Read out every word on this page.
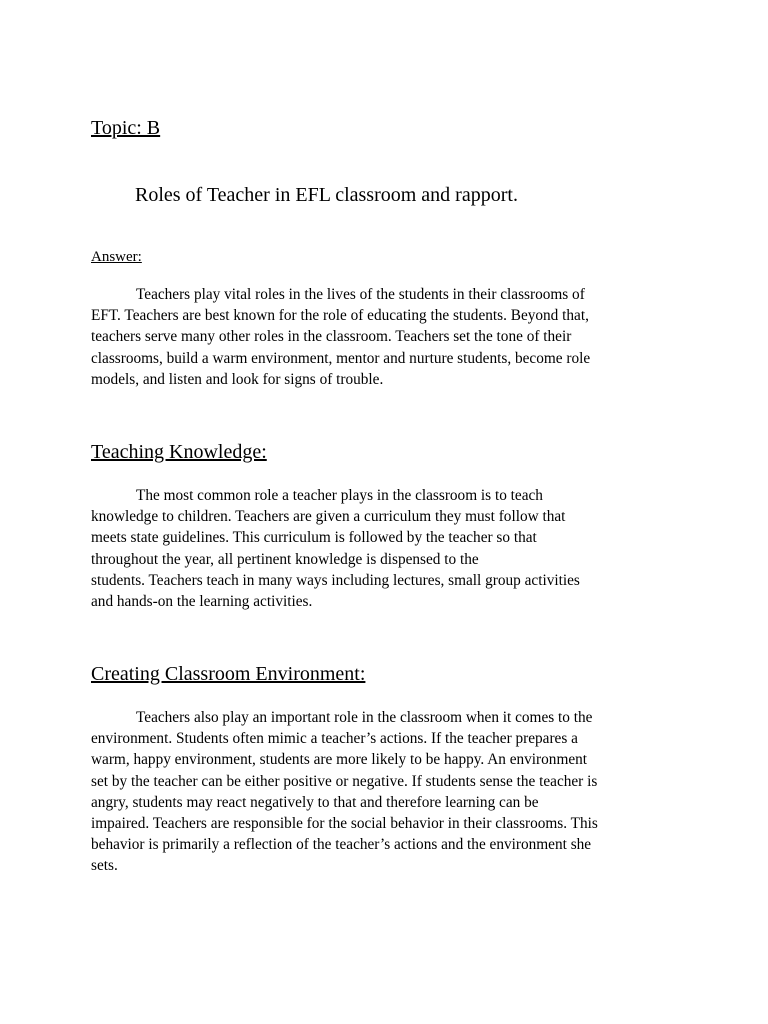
Topic: B
Roles of Teacher in EFL classroom and rapport.

Answer:

Teachers play vital roles in the lives of the students in their classrooms of
EFT. Teachers are best known for the role of educating the students. Beyond that,
teachers serve many other roles in the classroom. Teachers set the tone of their
classrooms, build a warm environment, mentor and nurture students, become role
models, and listen and look for signs of trouble.

Teaching Knowledge:

The most common role a teacher plays in the classroom is to teach
knowledge to children. Teachers are given a curriculum they must follow that
meets state guidelines. This curriculum is followed by the teacher so that
throughout the year, all pertinent knowledge is dispensed to the
students. Teachers teach in many ways including lectures, small group activities
and hands-on the learning activities.

Creating Classroom Environment:

Teachers also play an important role in the classroom when it comes to the
environment. Students often mimic a teacher’s actions. If the teacher prepares a
warm, happy environment, students are more likely to be happy. An environment
set by the teacher can be either positive or negative. If students sense the teacher is
angry, students may react negatively to that and therefore learning can be
impaired. Teachers are responsible for the social behavior in their classrooms. This
behavior is primarily a reflection of the teacher’s actions and the environment she
sets.
